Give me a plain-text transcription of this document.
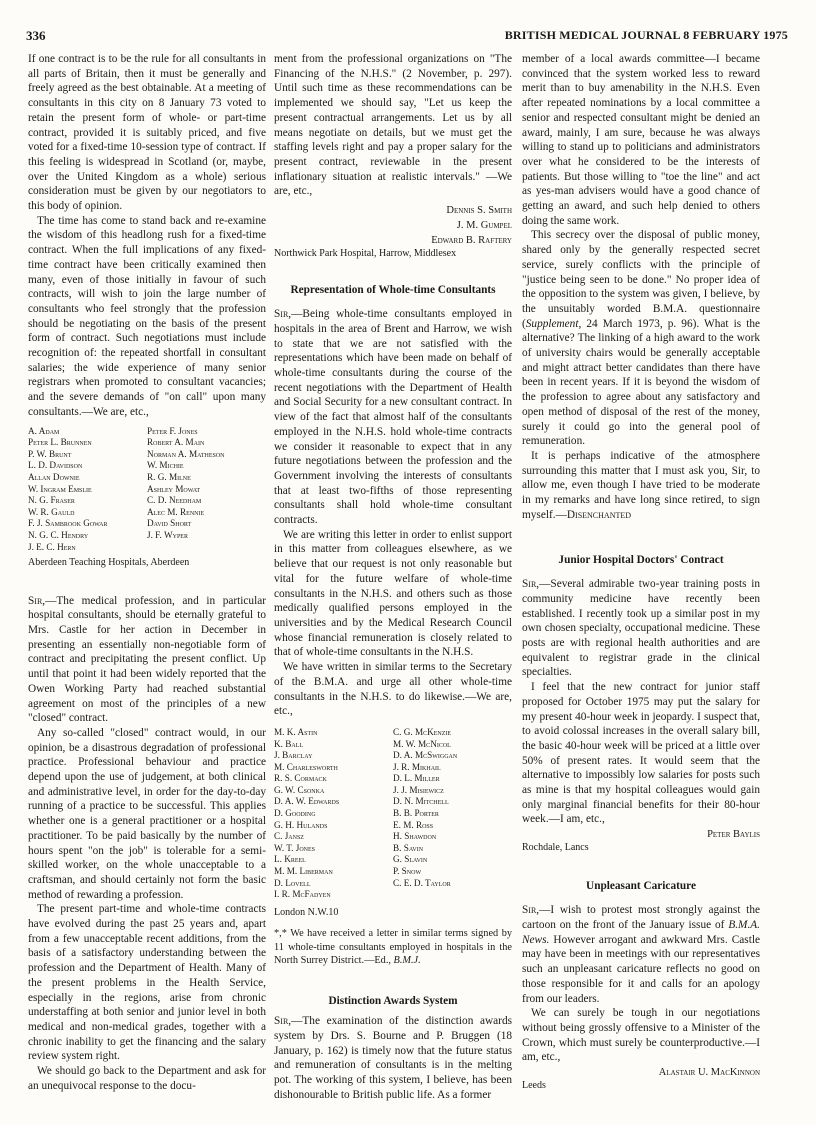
336	BRITISH MEDICAL JOURNAL 8 FEBRUARY 1975

If one contract is to be the rule for all consultants in all parts of Britain, then it must be generally and freely agreed as the best obtainable. At a meeting of consultants in this city on 8 January 73 voted to retain the present form of whole- or part-time contract, provided it is suitably priced, and five voted for a fixed-time 10-session type of contract. If this feeling is widespread in Scotland (or, maybe, over the United Kingdom as a whole) serious consideration must be given by our negotiators to this body of opinion.

The time has come to stand back and re-examine the wisdom of this headlong rush for a fixed-time contract. When the full implications of any fixed-time contract have been critically examined then many, even of those initially in favour of such contracts, will wish to join the large number of consultants who feel strongly that the profession should be negotiating on the basis of the present form of contract. Such negotiations must include recognition of: the repeated shortfall in consultant salaries; the wide experience of many senior registrars when promoted to consultant vacancies; and the severe demands of "on call" upon many consultants.—We are, etc.,

A. Adam
Peter L. Brunnen
P. W. Brunt
L. D. Davidson
Allan Downie
W. Ingram Emslie
N. G. Fraser
W. R. Gauld
F. J. Sambrook Gowar
N. G. C. Hendry
J. E. C. Hern
Peter F. Jones
Robert A. Main
Norman A. Matheson
W. Michie
R. G. Milne
Ashley Mowat
C. D. Needham
Alec M. Rennie
David Short
J. F. Wyper
Aberdeen Teaching Hospitals, Aberdeen

Sir,—The medical profession, and in particular hospital consultants, should be eternally grateful to Mrs. Castle for her action in December in presenting an essentially non-negotiable form of contract and precipitating the present conflict. Up until that point it had been widely reported that the Owen Working Party had reached substantial agreement on most of the principles of a new "closed" contract.

Any so-called "closed" contract would, in our opinion, be a disastrous degradation of professional practice. Professional behaviour and practice depend upon the use of judgement, at both clinical and administrative level, in order for the day-to-day running of a practice to be successful. This applies whether one is a general practitioner or a hospital practitioner. To be paid basically by the number of hours spent "on the job" is tolerable for a semi-skilled worker, on the whole unacceptable to a craftsman, and should certainly not form the basic method of rewarding a profession.

The present part-time and whole-time contracts have evolved during the past 25 years and, apart from a few unacceptable recent additions, from the basis of a satisfactory understanding between the profession and the Department of Health. Many of the present problems in the Health Service, especially in the regions, arise from chronic understaffing at both senior and junior level in both medical and non-medical grades, together with a chronic inability to get the financing and the salary review system right.

We should go back to the Department and ask for an unequivocal response to the docu-

ment from the professional organizations on "The Financing of the N.H.S." (2 November, p. 297). Until such time as these recommendations can be implemented we should say, "Let us keep the present contractual arrangements. Let us by all means negotiate on details, but we must get the staffing levels right and pay a proper salary for the present contract, reviewable in the present inflationary situation at realistic intervals." —We are, etc.,

Dennis S. Smith
J. M. Gumpel
Edward B. Raftery
Northwick Park Hospital, Harrow, Middlesex
Representation of Whole-time Consultants

Sir,—Being whole-time consultants employed in hospitals in the area of Brent and Harrow, we wish to state that we are not satisfied with the representations which have been made on behalf of whole-time consultants during the course of the recent negotiations with the Department of Health and Social Security for a new consultant contract. In view of the fact that almost half of the consultants employed in the N.H.S. hold whole-time contracts we consider it reasonable to expect that in any future negotiations between the profession and the Government involving the interests of consultants that at least two-fifths of those representing consultants shall hold whole-time consultant contracts.

We are writing this letter in order to enlist support in this matter from colleagues elsewhere, as we believe that our request is not only reasonable but vital for the future welfare of whole-time consultants in the N.H.S. and others such as those medically qualified persons employed in the universities and by the Medical Research Council whose financial remuneration is closely related to that of whole-time consultants in the N.H.S.

We have written in similar terms to the Secretary of the B.M.A. and urge all other whole-time consultants in the N.H.S. to do likewise.—We are, etc.,

M. K. Astin
K. Ball
J. Barclay
M. Charlesworth
R. S. Cormack
G. W. Csonka
D. A. W. Edwards
D. Gooding
G. H. Hulands
C. Jansz
W. T. Jones
L. Kreel
M. M. Liberman
D. Lovell
I. R. McFadyen
C. G. McKenzie
M. W. McNicol
D. A. McSwiggan
J. R. Mikhail
D. L. Miller
J. J. Misiewicz
D. N. Mitchell
B. B. Porter
E. M. Ross
H. Shawdon
B. Savin
G. Slavin
P. Snow
C. E. D. Taylor
London N.W.10

*,* We have received a letter in similar terms signed by 11 whole-time consultants employed in hospitals in the North Surrey District.—Ed., B.M.J.

Distinction Awards System

Sir,—The examination of the distinction awards system by Drs. S. Bourne and P. Bruggen (18 January, p. 162) is timely now that the future status and remuneration of consultants is in the melting pot. The working of this system, I believe, has been dishonourable to British public life. As a former

member of a local awards committee—I became convinced that the system worked less to reward merit than to buy amenability in the N.H.S. Even after repeated nominations by a local committee a senior and respected consultant might be denied an award, mainly, I am sure, because he was always willing to stand up to politicians and administrators over what he considered to be the interests of patients. But those willing to "toe the line" and act as yes-man advisers would have a good chance of getting an award, and such help denied to others doing the same work.

This secrecy over the disposal of public money, shared only by the generally respected secret service, surely conflicts with the principle of "justice being seen to be done." No proper idea of the opposition to the system was given, I believe, by the unsuitably worded B.M.A. questionnaire (Supplement, 24 March 1973, p. 96). What is the alternative? The linking of a high award to the work of university chairs would be generally acceptable and might attract better candidates than there have been in recent years. If it is beyond the wisdom of the profession to agree about any satisfactory and open method of disposal of the rest of the money, surely it could go into the general pool of remuneration.

It is perhaps indicative of the atmosphere surrounding this matter that I must ask you, Sir, to allow me, even though I have tried to be moderate in my remarks and have long since retired, to sign myself.—Disenchanted

Junior Hospital Doctors' Contract

Sir,—Several admirable two-year training posts in community medicine have recently been established. I recently took up a similar post in my own chosen specialty, occupational medicine. These posts are with regional health authorities and are equivalent to registrar grade in the clinical specialties.

I feel that the new contract for junior staff proposed for October 1975 may put the salary for my present 40-hour week in jeopardy. I suspect that, to avoid colossal increases in the overall salary bill, the basic 40-hour week will be priced at a little over 50% of present rates. It would seem that the alternative to impossibly low salaries for posts such as mine is that my hospital colleagues would gain only marginal financial benefits for their 80-hour week.—I am, etc.,

Peter Baylis
Rochdale, Lancs
Unpleasant Caricature

Sir,—I wish to protest most strongly against the cartoon on the front of the January issue of B.M.A. News. However arrogant and awkward Mrs. Castle may have been in meetings with our representatives such an unpleasant caricature reflects no good on those responsible for it and calls for an apology from our leaders.

We can surely be tough in our negotiations without being grossly offensive to a Minister of the Crown, which must surely be counterproductive.—I am, etc.,

Alastair U. MacKinnon
Leeds
